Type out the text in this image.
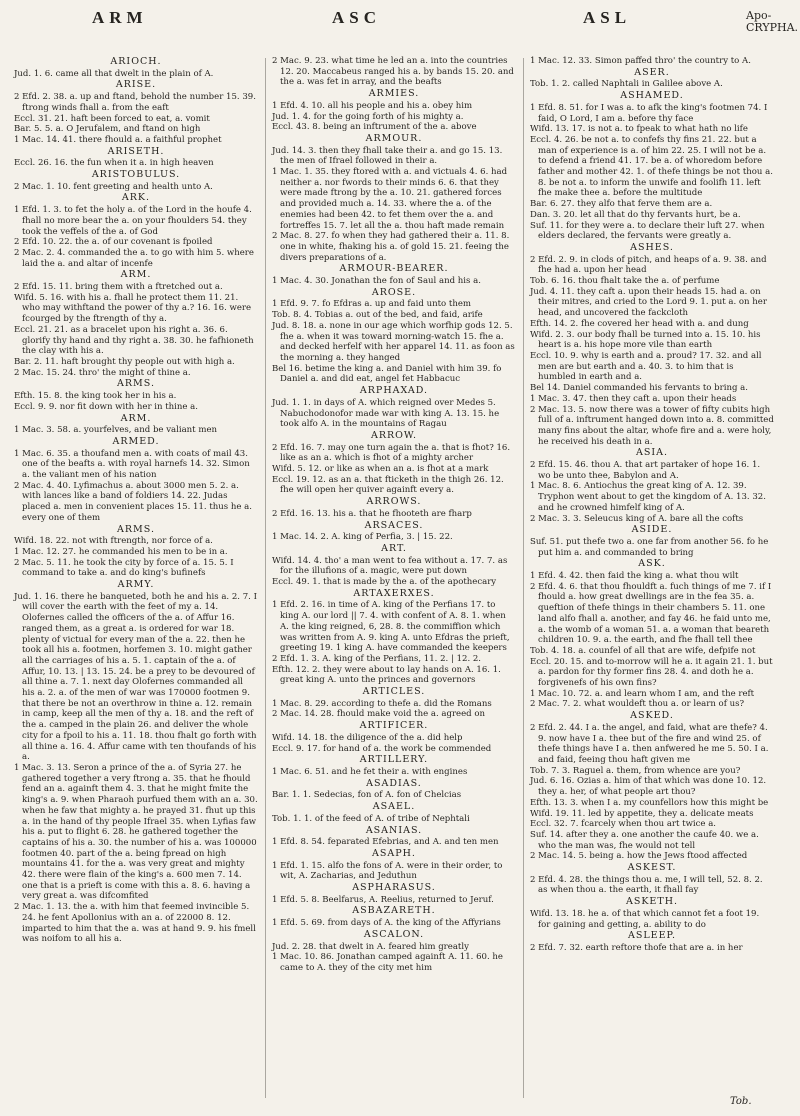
ARM	ASC	ASL	Apo-
CRYPHA.

ARIOCH.

Jud. 1. 6. came all that dwelt in the plain of A.

ARISE.

2 Efd. 2. 38. a. up and ftand, behold the number 15. 39. ftrong winds fhall a. from the eaft

Eccl. 31. 21. haft been forced to eat, a. vomit

Bar. 5. 5. a. O Jerufalem, and ftand on high

1 Mac. 14. 41. there fhould a. a faithful prophet

ARISETH.

Eccl. 26. 16. the fun when it a. in high heaven

ARISTOBULUS.

2 Mac. 1. 10. fent greeting and health unto A.

ARK.

1 Efd. 1. 3. to fet the holy a. of the Lord in the houfe 4. fhall no more bear the a. on your fhoulders 54. they took the veffels of the a. of God

2 Efd. 10. 22. the a. of our covenant is fpoiled

2 Mac. 2. 4. commanded the a. to go with him 5. where laid the a. and altar of incenfe

ARM.

2 Efd. 15. 11. bring them with a ftretched out a.

Wifd. 5. 16. with his a. fhall he protect them 11. 21. who may withftand the power of thy a.? 16. 16. were fcourged by the ftrength of thy a.

Eccl. 21. 21. as a bracelet upon his right a. 36. 6. glorify thy hand and thy right a. 38. 30. he fafhioneth the clay with his a.

Bar. 2. 11. haft brought thy people out with high a.

2 Mac. 15. 24. thro' the might of thine a.

ARMS.

Efth. 15. 8. the king took her in his a.

Eccl. 9. 9. nor fit down with her in thine a.

ARM.

1 Mac. 3. 58. a. yourfelves, and be valiant men

ARMED.

1 Mac. 6. 35. a thoufand men a. with coats of mail 43. one of the beafts a. with royal harnefs 14. 32. Simon a. the valiant men of his nation

2 Mac. 4. 40. Lyfimachus a. about 3000 men 5. 2. a. with lances like a band of foldiers 14. 22. Judas placed a. men in convenient places 15. 11. thus he a. every one of them

ARMS.

Wifd. 18. 22. not with ftrength, nor force of a.

1 Mac. 12. 27. he commanded his men to be in a.

2 Mac. 5. 11. he took the city by force of a. 15. 5. I command to take a. and do king's bufinefs

ARMY.

Jud. 1. 16. there he banqueted, both he and his a. 2. 7. I will cover the earth with the feet of my a. 14. Olofernes called the officers of the a. of Affur 16. ranged them, as a great a. is ordered for war 18. plenty of victual for every man of the a. 22. then he took all his a. footmen, horfemen 3. 10. might gather all the carriages of his a. 5. 1. captain of the a. of Affur, 10. 13. | 13. 15. 24. be a prey to be devoured of all thine a. 7. 1. next day Olofernes commanded all his a. 2. a. of the men of war was 170000 footmen 9. that there be not an overthrow in thine a. 12. remain in camp, keep all the men of thy a. 18. and the reft of the a. camped in the plain 26. and deliver the whole city for a fpoil to his a. 11. 18. thou fhalt go forth with all thine a. 16. 4. Affur came with ten thoufands of his a.

1 Mac. 3. 13. Seron a prince of the a. of Syria 27. he gathered together a very ftrong a. 35. that he fhould fend an a. againft them 4. 3. that he might fmite the king's a. 9. when Pharaoh purfued them with an a. 30. when he faw that mighty a. he prayed 31. fhut up this a. in the hand of thy people Ifrael 35. when Lyfias faw his a. put to flight 6. 28. he gathered together the captains of his a. 30. the number of his a. was 100000 footmen 40. part of the a. being fpread on high mountains 41. for the a. was very great and mighty 42. there were flain of the king's a. 600 men 7. 14. one that is a prieft is come with this a. 8. 6. having a very great a. was difcomfited

2 Mac. 1. 13. the a. with him that feemed invincible 5. 24. he fent Apollonius with an a. of 22000 8. 12. imparted to him that the a. was at hand 9. 9. his fmell was noifom to all his a.

2 Mac. 9. 23. what time he led an a. into the countries 12. 20. Maccabeus ranged his a. by bands 15. 20. and the a. was fet in array, and the beafts

ARMIES.

1 Efd. 4. 10. all his people and his a. obey him

Jud. 1. 4. for the going forth of his mighty a.

Eccl. 43. 8. being an inftrument of the a. above

ARMOUR.

Jud. 14. 3. then they fhall take their a. and go 15. 13. the men of Ifrael followed in their a.

1 Mac. 1. 35. they ftored with a. and victuals 4. 6. had neither a. nor fwords to their minds 6. 6. that they were made ftrong by the a. 10. 21. gathered forces and provided much a. 14. 33. where the a. of the enemies had been 42. to fet them over the a. and fortreffes 15. 7. let all the a. thou haft made remain

2 Mac. 8. 27. fo when they had gathered their a. 11. 8. one in white, fhaking his a. of gold 15. 21. feeing the divers preparations of a.

ARMOUR-BEARER.

1 Mac. 4. 30. Jonathan the fon of Saul and his a.

AROSE.

1 Efd. 9. 7. fo Efdras a. up and faid unto them

Tob. 8. 4. Tobias a. out of the bed, and faid, arife

Jud. 8. 18. a. none in our age which worfhip gods 12. 5. fhe a. when it was toward morning-watch 15. fhe a. and decked herfelf with her apparel 14. 11. as foon as the morning a. they hanged

Bel 16. betime the king a. and Daniel with him 39. fo Daniel a. and did eat, angel fet Habbacuc

ARPHAXAD.

Jud. 1. 1. in days of A. which reigned over Medes 5. Nabuchodonofor made war with king A. 13. 15. he took alfo A. in the mountains of Ragau

ARROW.

2 Efd. 16. 7. may one turn again the a. that is fhot? 16. like as an a. which is fhot of a mighty archer

Wifd. 5. 12. or like as when an a. is fhot at a mark

Eccl. 19. 12. as an a. that fticketh in the thigh 26. 12. fhe will open her quiver againft every a.

ARROWS.

2 Efd. 16. 13. his a. that he fhooteth are fharp

ARSACES.

1 Mac. 14. 2. A. king of Perfia, 3. | 15. 22.

ART.

Wifd. 14. 4. tho' a man went to fea without a. 17. 7. as for the illufions of a. magic, were put down

Eccl. 49. 1. that is made by the a. of the apothecary

ARTAXERXES.

1 Efd. 2. 16. in time of A. king of the Perfians 17. to king A. our lord || 7. 4. with confent of A. 8. 1. when A. the king reigned, 6, 28. 8. the commiffion which was written from A. 9. king A. unto Efdras the prieft, greeting 19. 1 king A. have commanded the keepers

2 Efd. 1. 3. A. king of the Perfians, 11. 2. | 12. 2.

Efth. 12. 2. they were about to lay hands on A. 16. 1. great king A. unto the princes and governors

ARTICLES.

1 Mac. 8. 29. according to thefe a. did the Romans

2 Mac. 14. 28. fhould make void the a. agreed on

ARTIFICER.

Wifd. 14. 18. the diligence of the a. did help

Eccl. 9. 17. for hand of a. the work be commended

ARTILLERY.

1 Mac. 6. 51. and he fet their a. with engines

ASADIAS.

Bar. 1. 1. Sedecias, fon of A. fon of Chelcias

ASAEL.

Tob. 1. 1. of the feed of A. of tribe of Nephtali

ASANIAS.

1 Efd. 8. 54. feparated Efebrias, and A. and ten men

ASAPH.

1 Efd. 1. 15. alfo the fons of A. were in their order, to wit, A. Zacharias, and Jeduthun

ASPHARASUS.

1 Efd. 5. 8. Beelfarus, A. Reelius, returned to Jeruf.

ASBAZARETH.

1 Efd. 5. 69. from days of A. the king of the Affyrians

ASCALON.

Jud. 2. 28. that dwelt in A. feared him greatly

1 Mac. 10. 86. Jonathan camped againft A. 11. 60. he came to A. they of the city met him

1 Mac. 12. 33. Simon paffed thro' the country to A.

ASER.

Tob. 1. 2. called Naphtali in Galilee above A.

ASHAMED.

1 Efd. 8. 51. for I was a. to afk the king's footmen 74. I faid, O Lord, I am a. before thy face

Wifd. 13. 17. is not a. to fpeak to what hath no life

Eccl. 4. 26. be not a. to confefs thy fins 21. 22. but a man of experience is a. of him 22. 25. I will not be a. to defend a friend 41. 17. be a. of whoredom before father and mother 42. 1. of thefe things be not thou a. 8. be not a. to inform the unwife and foolifh 11. left fhe make thee a. before the multitude

Bar. 6. 27. they alfo that ferve them are a.

Dan. 3. 20. let all that do thy fervants hurt, be a.

Suf. 11. for they were a. to declare their luft 27. when elders declared, the fervants were greatly a.

ASHES.

2 Efd. 2. 9. in clods of pitch, and heaps of a. 9. 38. and fhe had a. upon her head

Tob. 6. 16. thou fhalt take the a. of perfume

Jud. 4. 11. they caft a. upon their heads 15. had a. on their mitres, and cried to the Lord 9. 1. put a. on her head, and uncovered the fackcloth

Efth. 14. 2. fhe covered her head with a. and dung

Wifd. 2. 3. our body fhall be turned into a. 15. 10. his heart is a. his hope more vile than earth

Eccl. 10. 9. why is earth and a. proud? 17. 32. and all men are but earth and a. 40. 3. to him that is humbled in earth and a.

Bel 14. Daniel commanded his fervants to bring a.

1 Mac. 3. 47. then they caft a. upon their heads

2 Mac. 13. 5. now there was a tower of fifty cubits high full of a. inftrument hanged down into a. 8. committed many fins about the altar, whofe fire and a. were holy, he received his death in a.

ASIA.

2 Efd. 15. 46. thou A. that art partaker of hope 16. 1. wo be unto thee, Babylon and A.

1 Mac. 8. 6. Antiochus the great king of A. 12. 39. Tryphon went about to get the kingdom of A. 13. 32. and he crowned himfelf king of A.

2 Mac. 3. 3. Seleucus king of A. bare all the cofts

ASIDE.

Suf. 51. put thefe two a. one far from another 56. fo he put him a. and commanded to bring

ASK.

1 Efd. 4. 42. then faid the king a. what thou wilt

2 Efd. 4. 6. that thou fhouldft a. fuch things of me 7. if I fhould a. how great dwellings are in the fea 35. a. queftion of thefe things in their chambers 5. 11. one land alfo fhall a. another, and fay 46. he faid unto me, a. the womb of a woman 51. a. a woman that beareth children 10. 9. a. the earth, and fhe fhall tell thee

Tob. 4. 18. a. counfel of all that are wife, defpife not

Eccl. 20. 15. and to-morrow will he a. it again 21. 1. but a. pardon for thy former fins 28. 4. and doth he a. forgivenefs of his own fins?

1 Mac. 10. 72. a. and learn whom I am, and the reft

2 Mac. 7. 2. what wouldeft thou a. or learn of us?

ASKED.

2 Efd. 2. 44. I a. the angel, and faid, what are thefe? 4. 9. now have I a. thee but of the fire and wind 25. of thefe things have I a. then anfwered he me 5. 50. I a. and faid, feeing thou haft given me

Tob. 7. 3. Raguel a. them, from whence are you?

Jud. 6. 16. Ozias a. him of that which was done 10. 12. they a. her, of what people art thou?

Efth. 13. 3. when I a. my counfellors how this might be

Wifd. 19. 11. led by appetite, they a. delicate meats

Eccl. 32. 7. fcarcely when thou art twice a.

Suf. 14. after they a. one another the caufe 40. we a. who the man was, fhe would not tell

2 Mac. 14. 5. being a. how the Jews ftood affected

ASKEST.

2 Efd. 4. 28. the things thou a. me, I will tell, 52. 8. 2. as when thou a. the earth, it fhall fay

ASKETH.

Wifd. 13. 18. he a. of that which cannot fet a foot 19. for gaining and getting, a. ability to do

ASLEEP.

2 Efd. 7. 32. earth reftore thofe that are a. in her

Tob.
